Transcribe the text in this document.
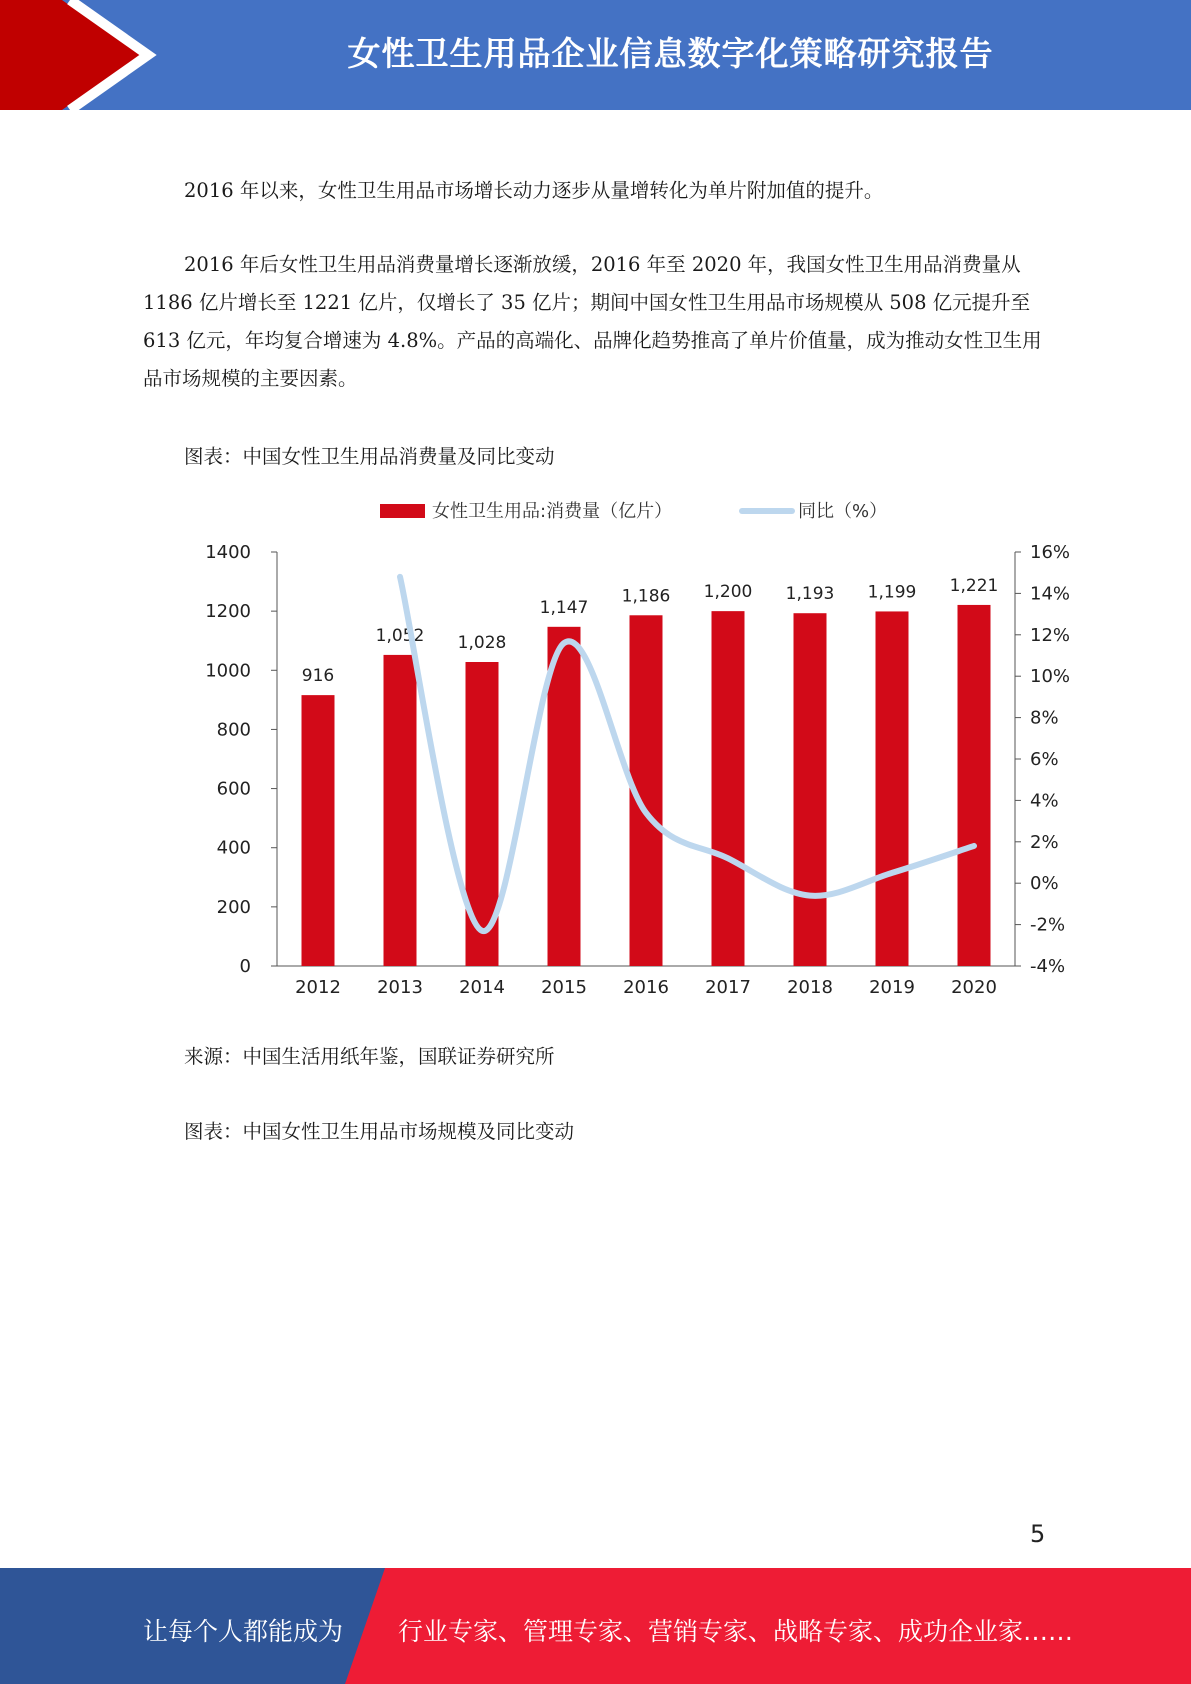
女性卫生用品企业信息数字化策略研究报告
2016 年以来，女性卫生用品市场增长动力逐步从量增转化为单片附加值的提升。
2016 年后女性卫生用品消费量增长逐渐放缓，2016 年至 2020 年，我国女性卫生用品消费量从 1186 亿片增长至 1221 亿片，仅增长了 35 亿片；期间中国女性卫生用品市场规模从 508 亿元提升至 613 亿元，年均复合增速为 4.8%。产品的高端化、品牌化趋势推高了单片价值量，成为推动女性卫生用品市场规模的主要因素。
图表：中国女性卫生用品消费量及同比变动
女性卫生用品:消费量（亿片）	同比（%）
0
200
400
600
800
1000
1200
1400
-4%
-2%
0%
2%
4%
6%
8%
10%
12%
14%
16%
916
1,052 1,028
1,147
1,186 1,200 1,193 1,199 1,221
2012 2013 2014 2015 2016 2017 2018 2019 2020
来源：中国生活用纸年鉴，国联证券研究所
图表：中国女性卫生用品市场规模及同比变动
5
让每个人都能成为 行业专家、管理专家、营销专家、战略专家、成功企业家……
